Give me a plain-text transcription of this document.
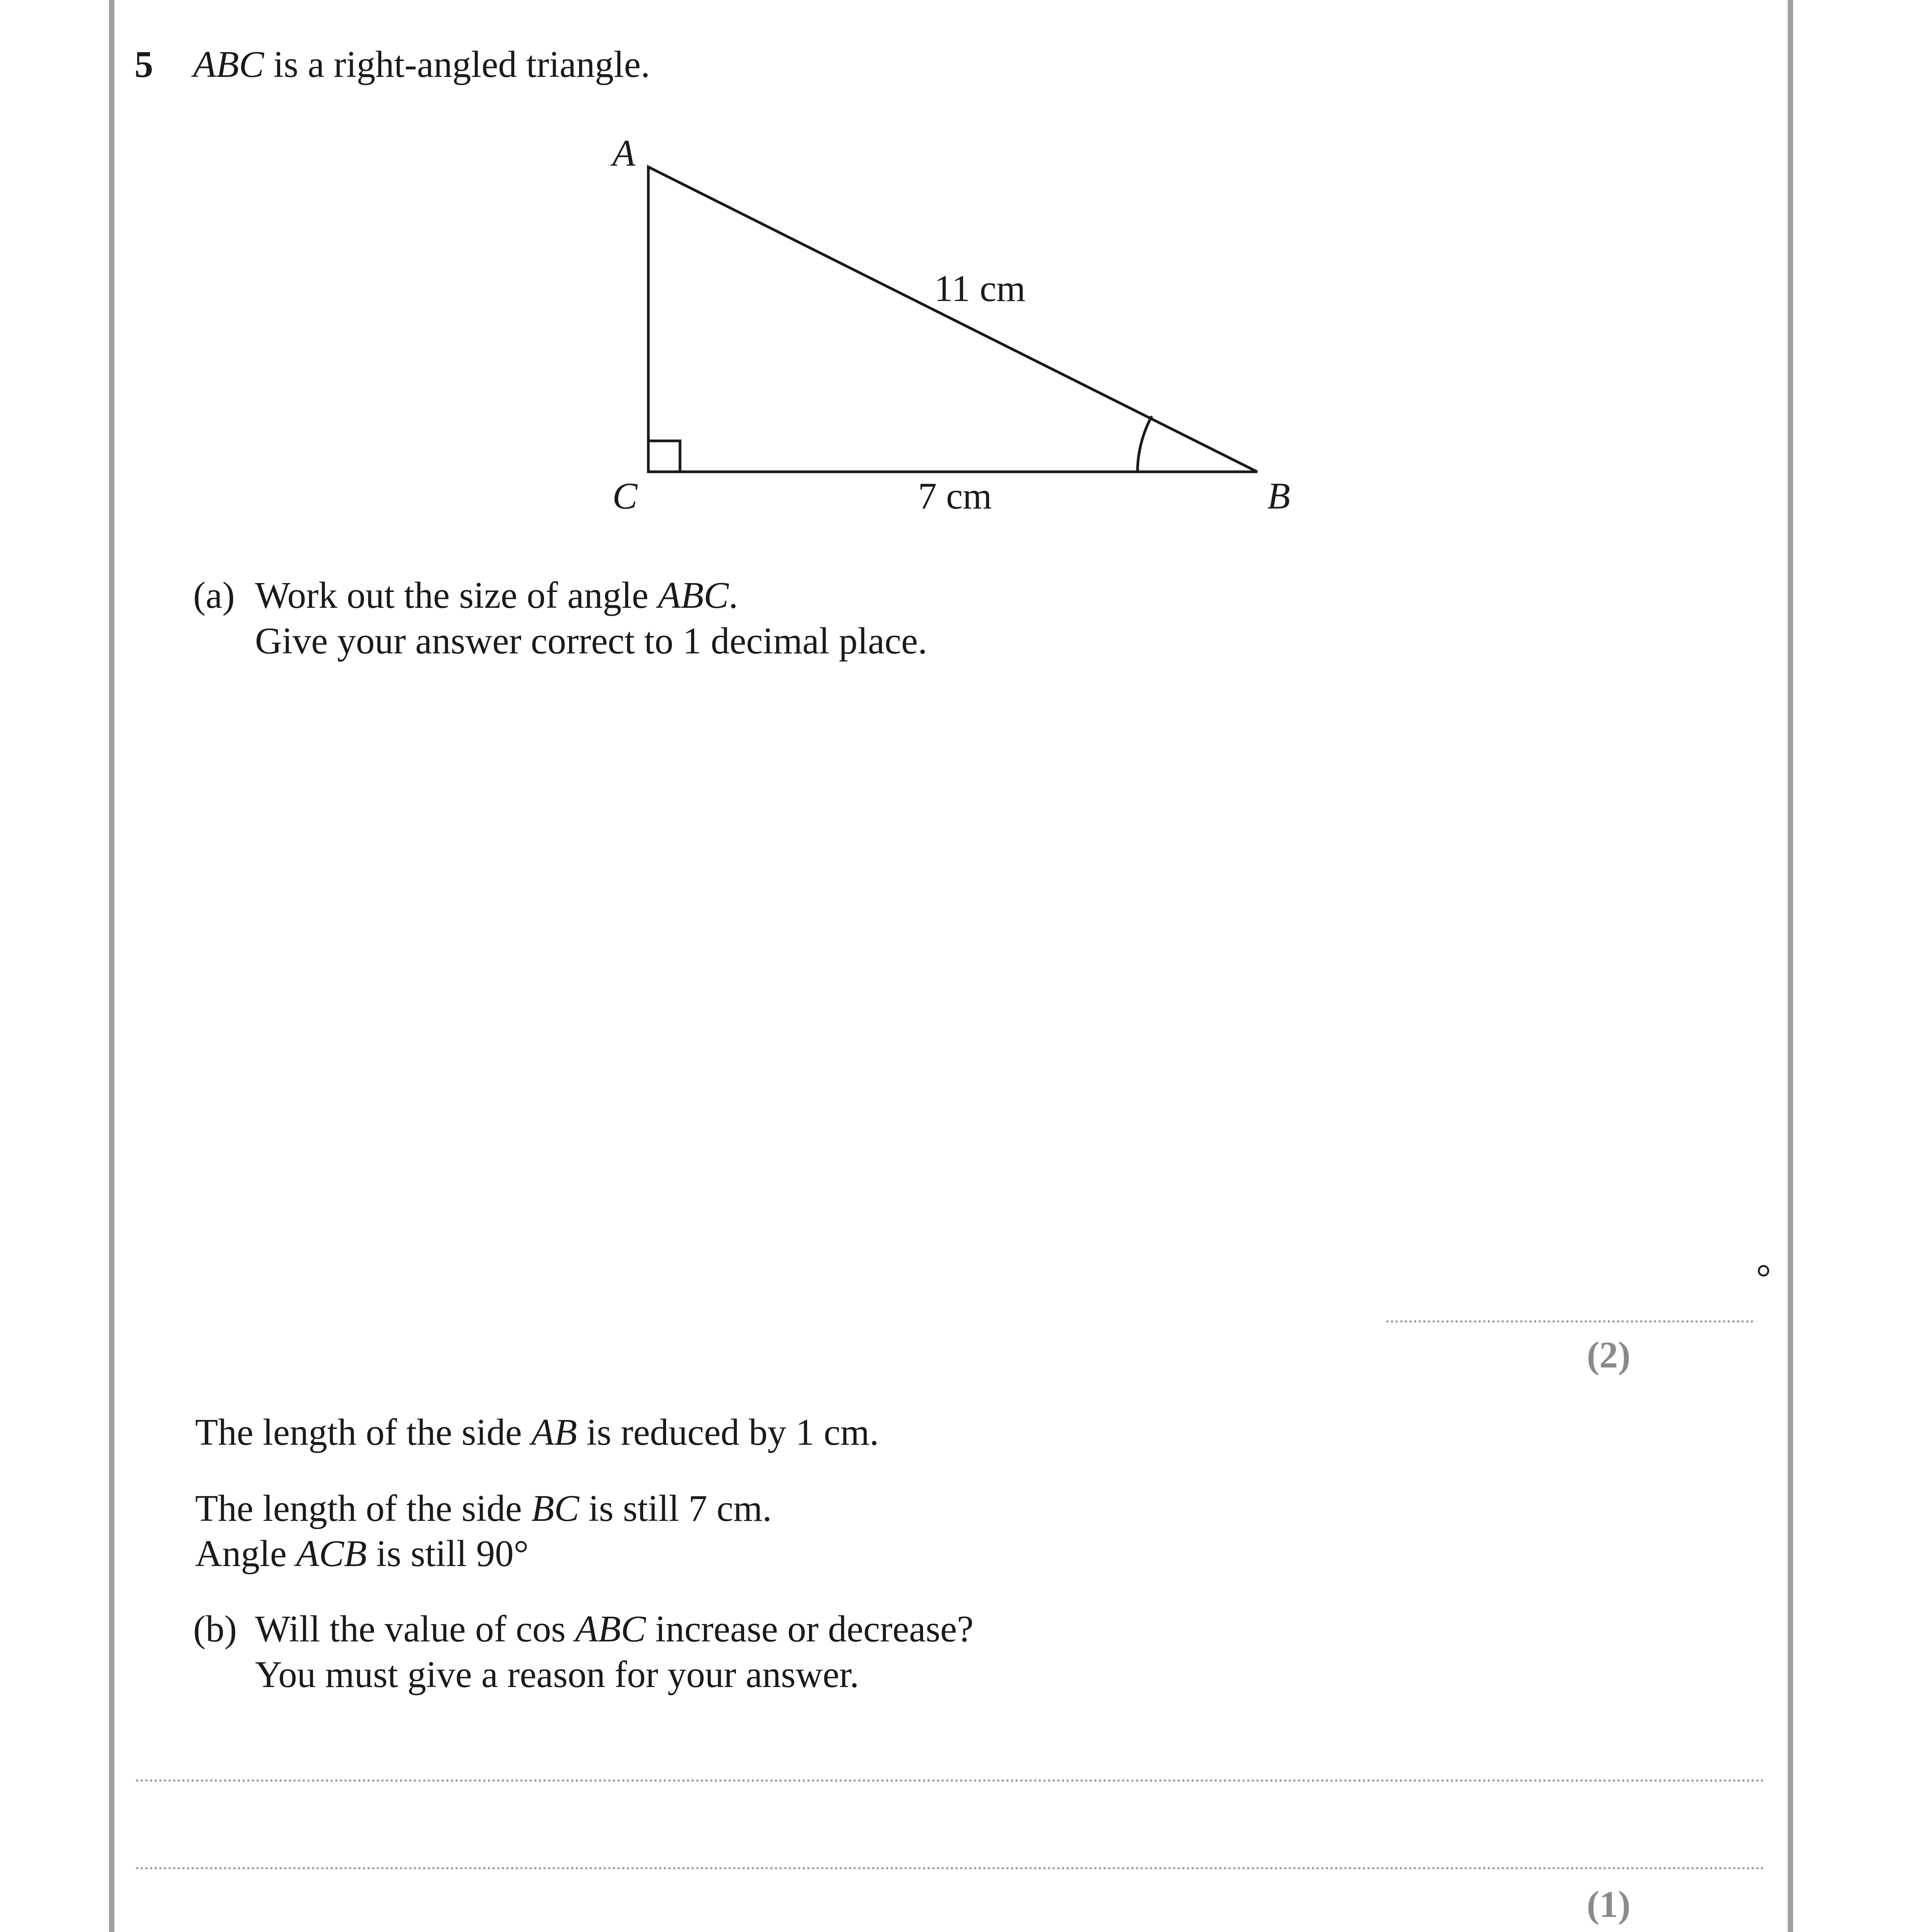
5 ABC is a right-angled triangle.
A
C	B
11 cm
7 cm
(a) Work out the size of angle ABC.
Give your answer correct to 1 decimal place.
°
(2)
The length of the side AB is reduced by 1 cm.
The length of the side BC is still 7 cm.
Angle ACB is still 90°
(b) Will the value of cos ABC increase or decrease?
You must give a reason for your answer.
(1)
